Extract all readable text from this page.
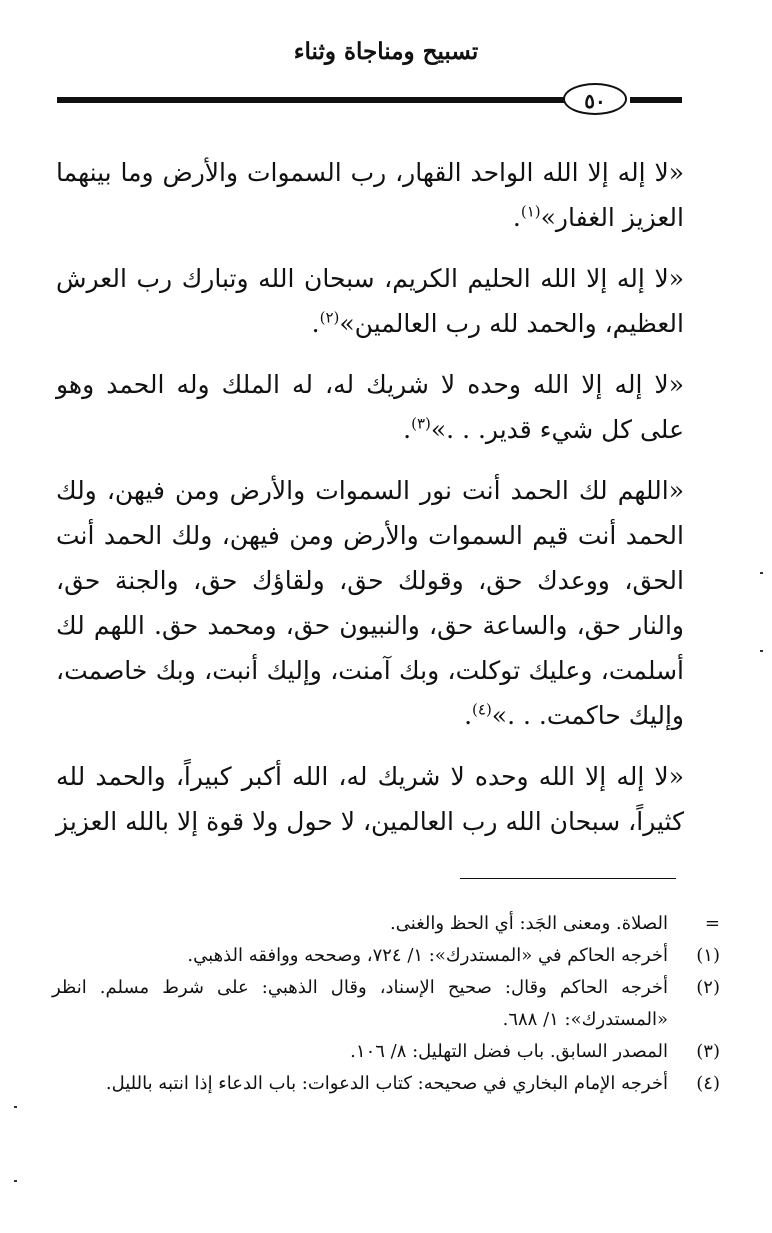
تسبيح ومناجاة وثناء
٥٠

«لا إله إلا الله الواحد القهار، رب السموات والأرض وما بينهما العزيز الغفار»$^{(١)}$.

«لا إله إلا الله الحليم الكريم، سبحان الله وتبارك رب العرش العظيم، والحمد لله رب العالمين»$^{(٢)}$.

«لا إله إلا الله وحده لا شريك له، له الملك وله الحمد وهو على كل شيء قدير. . .»$^{(٣)}$.

«اللهم لك الحمد أنت نور السموات والأرض ومن فيهن، ولك الحمد أنت قيم السموات والأرض ومن فيهن، ولك الحمد أنت الحق، ووعدك حق، وقولك حق، ولقاؤك حق، والجنة حق، والنار حق، والساعة حق، والنبيون حق، ومحمد حق. اللهم لك أسلمت، وعليك توكلت، وبك آمنت، وإليك أنبت، وبك خاصمت، وإليك حاكمت. . .»$^{(٤)}$.

«لا إله إلا الله وحده لا شريك له، الله أكبر كبيراً، والحمد لله كثيراً، سبحان الله رب العالمين، لا حول ولا قوة إلا بالله العزيز

=
الصلاة. ومعنى الجَد: أي الحظ والغنى.
(١)
أخرجه الحاكم في «المستدرك»: ١/ ٧٢٤، وصححه ووافقه الذهبي.
(٢)
أخرجه الحاكم وقال: صحيح الإسناد، وقال الذهبي: على شرط مسلم. انظر «المستدرك»: ١/ ٦٨٨.
(٣)
المصدر السابق. باب فضل التهليل: ٨/ ١٠٦.
(٤)
أخرجه الإمام البخاري في صحيحه: كتاب الدعوات: باب الدعاء إذا انتبه بالليل.
